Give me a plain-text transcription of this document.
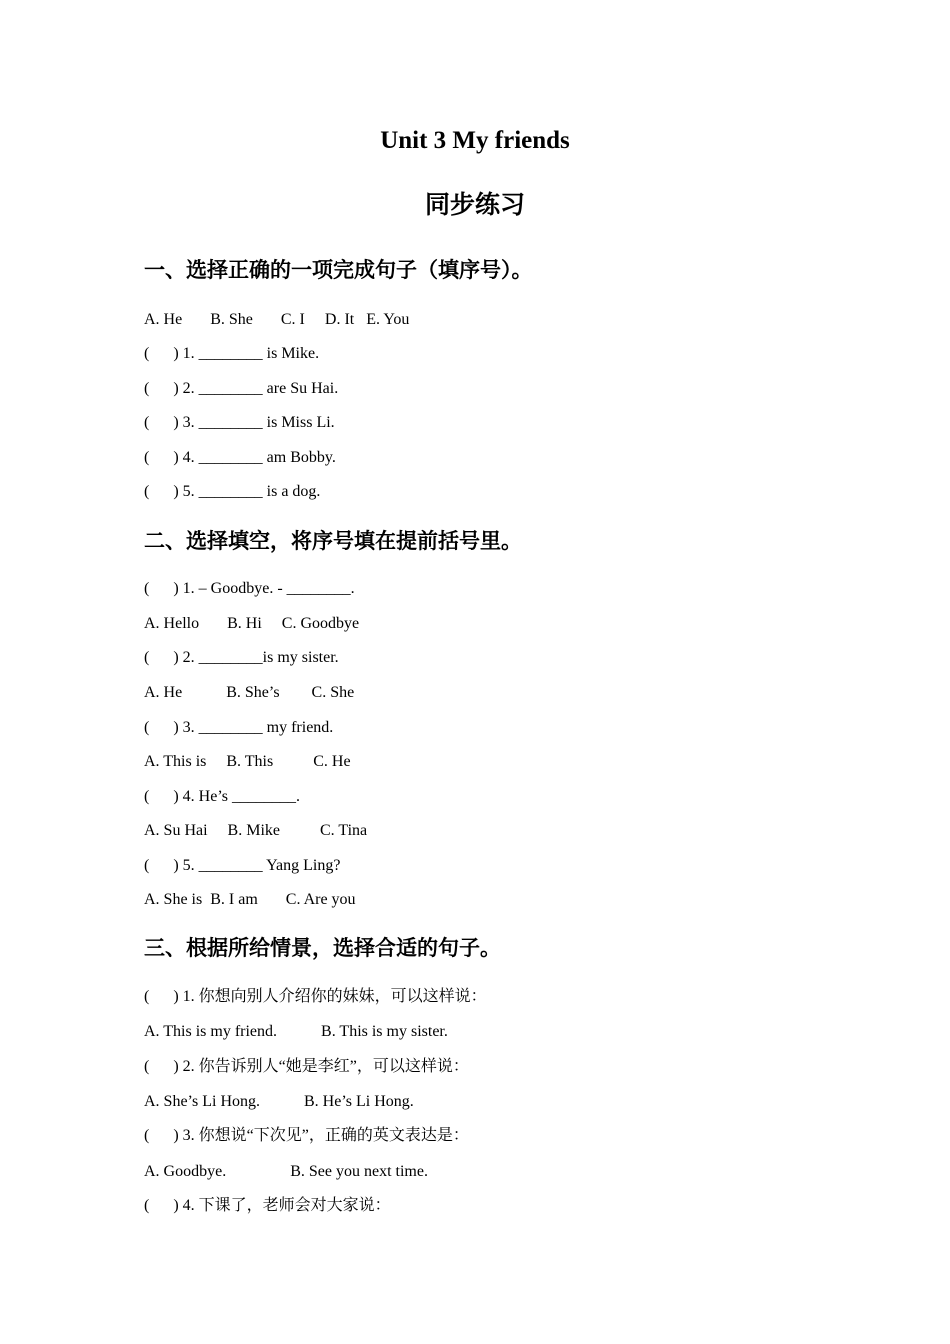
Unit 3 My friends
同步练习
一、选择正确的一项完成句子（填序号）。
A. He       B. She       C. I     D. It   E. You
(      ) 1. ________ is Mike.
(      ) 2. ________ are Su Hai.
(      ) 3. ________ is Miss Li.
(      ) 4. ________ am Bobby.
(      ) 5. ________ is a dog.
二、选择填空，将序号填在提前括号里。
(      ) 1. – Goodbye. - ________.
A. Hello       B. Hi     C. Goodbye
(      ) 2. ________is my sister.
A. He           B. She’s        C. She
(      ) 3. ________ my friend.
A. This is     B. This          C. He
(      ) 4. He’s ________.
A. Su Hai     B. Mike          C. Tina
(      ) 5. ________ Yang Ling?
A. She is  B. I am       C. Are you
三、根据所给情景，选择合适的句子。
(      ) 1. 你想向别人介绍你的妹妹，可以这样说：
A. This is my friend.           B. This is my sister.
(      ) 2. 你告诉别人“她是李红”，可以这样说：
A. She’s Li Hong.           B. He’s Li Hong.
(      ) 3. 你想说“下次见”，正确的英文表达是：
A. Goodbye.                B. See you next time.
(      ) 4. 下课了，老师会对大家说：
